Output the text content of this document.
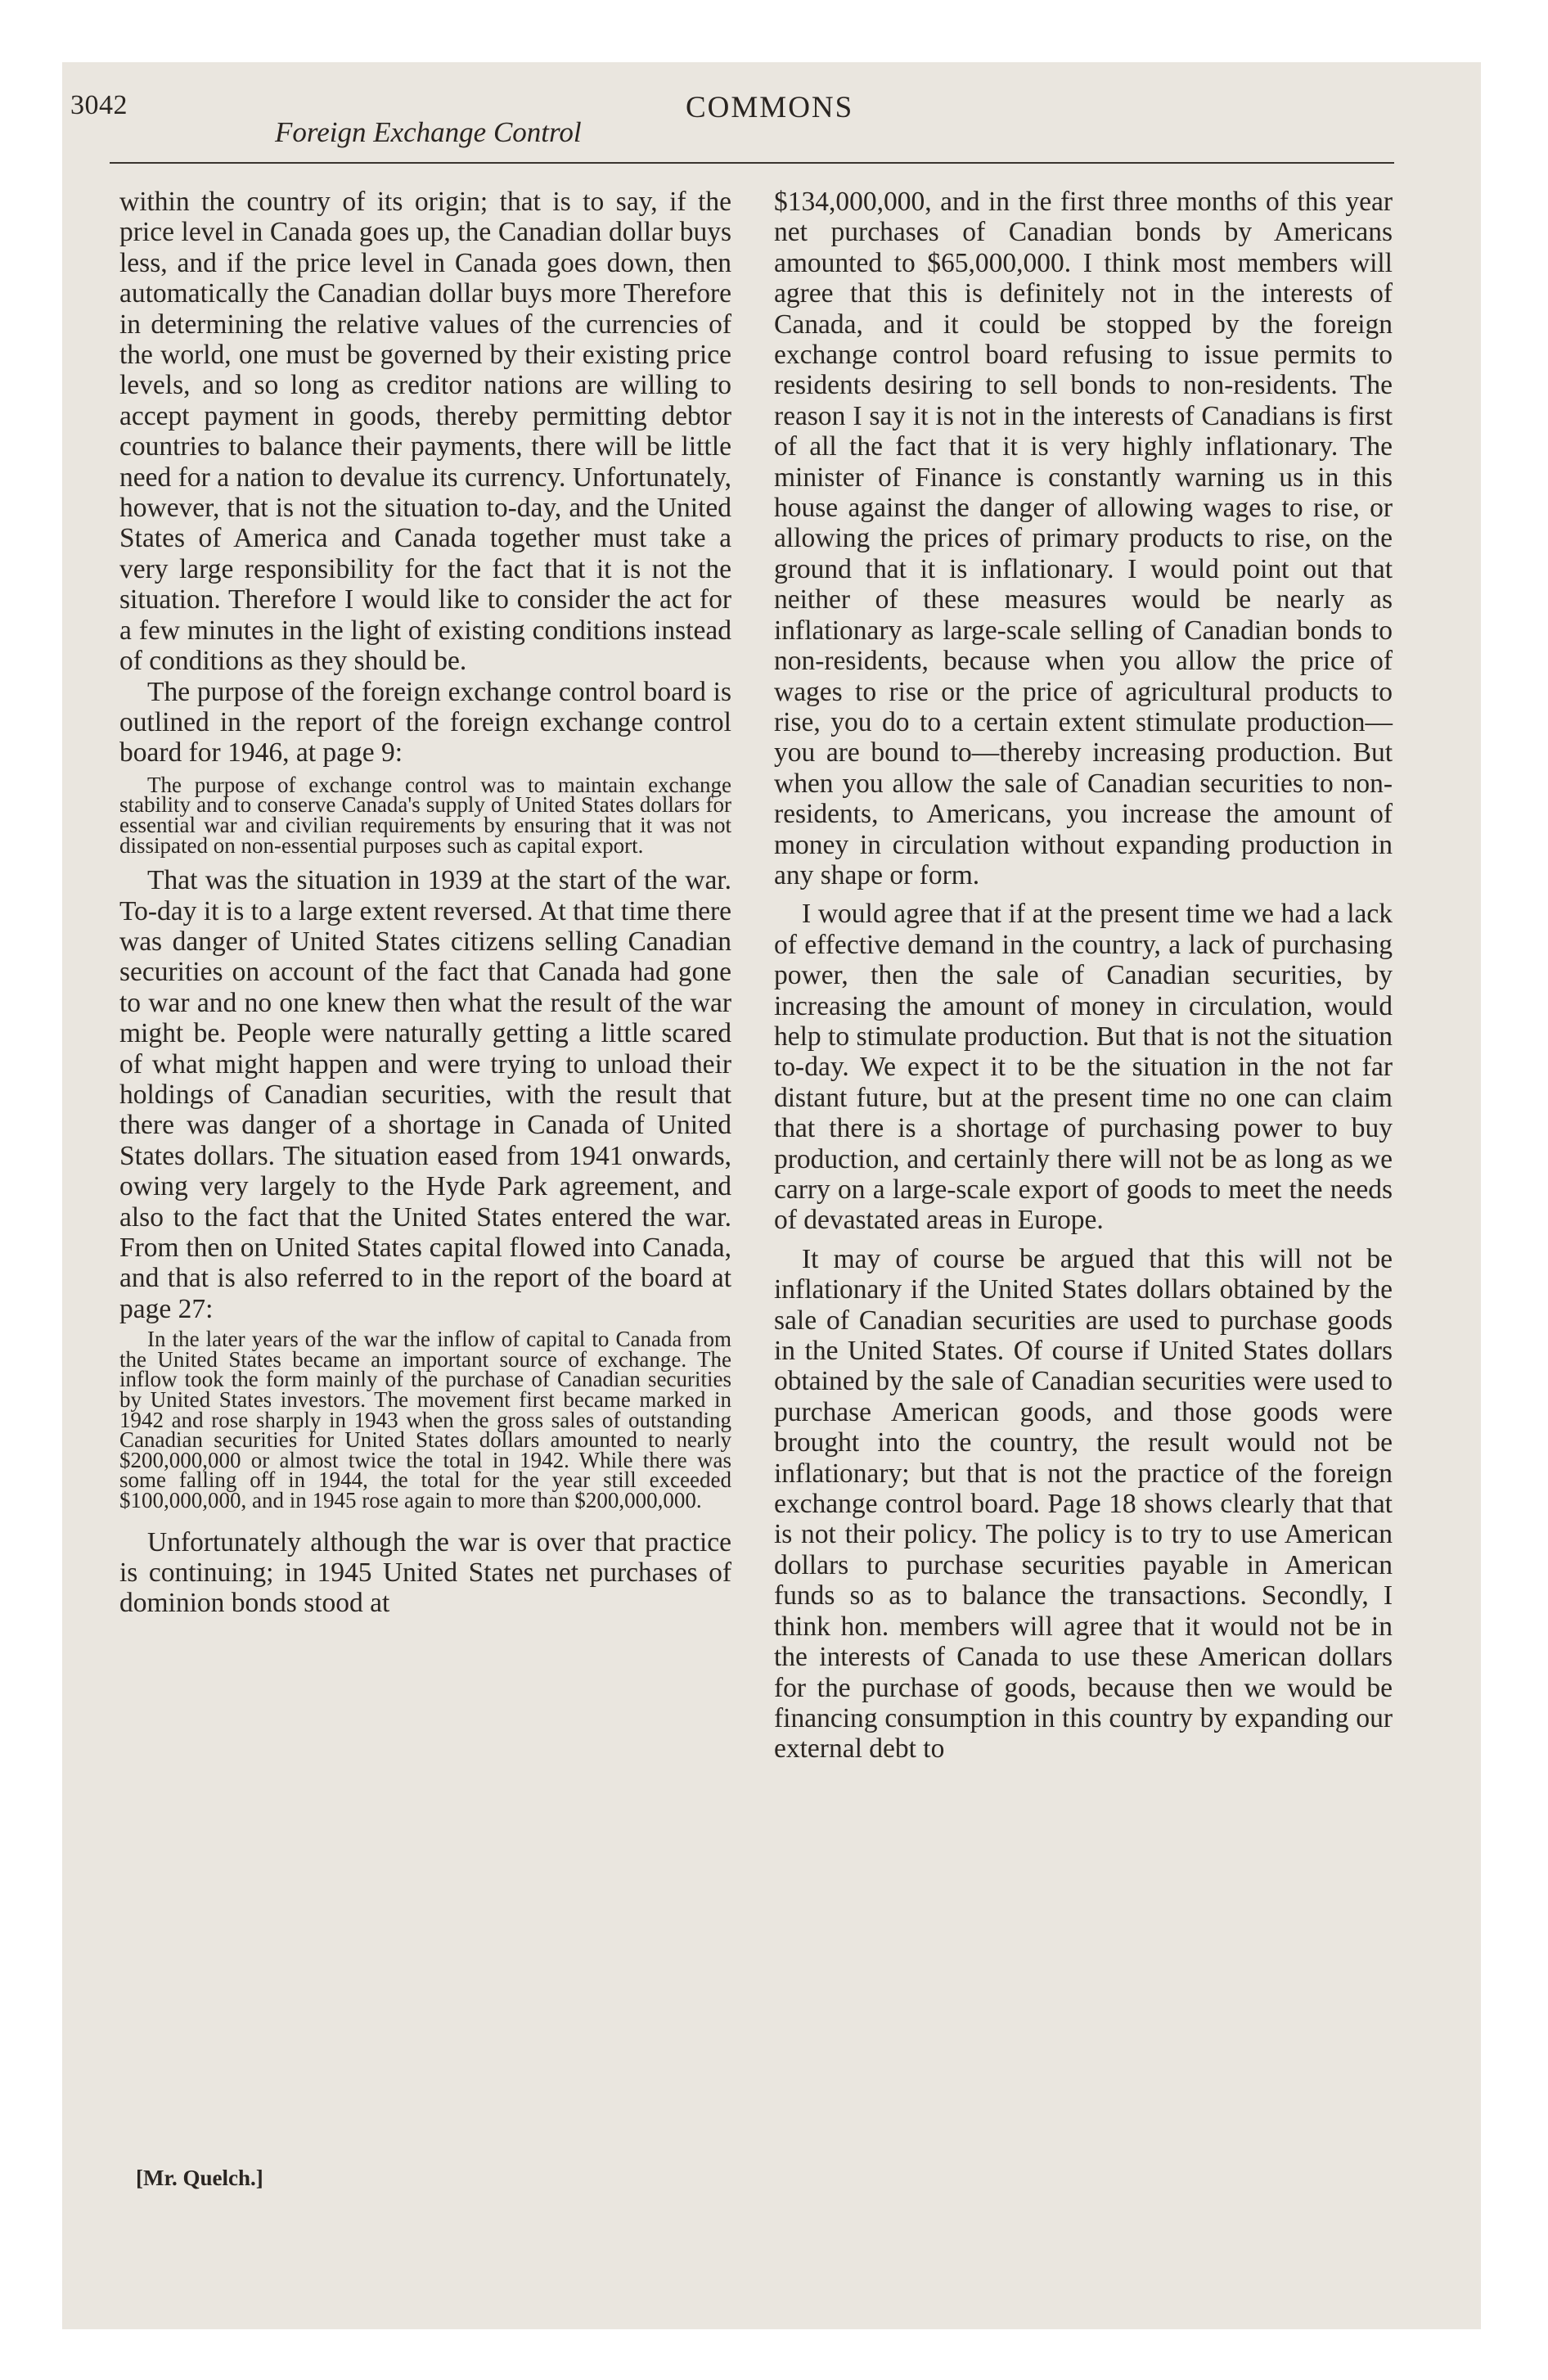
3042
Foreign Exchange Control
COMMONS

within the country of its origin; that is to say, if the price level in Canada goes up, the Canadian dollar buys less, and if the price level in Canada goes down, then automatically the Canadian dollar buys more Therefore in determining the relative values of the currencies of the world, one must be governed by their existing price levels, and so long as creditor nations are willing to accept payment in goods, thereby permitting debtor countries to balance their payments, there will be little need for a nation to devalue its currency. Unfortunately, however, that is not the situation to-day, and the United States of America and Canada together must take a very large responsibility for the fact that it is not the situation. Therefore I would like to consider the act for a few minutes in the light of existing conditions instead of conditions as they should be.

The purpose of the foreign exchange control board is outlined in the report of the foreign exchange control board for 1946, at page 9:

The purpose of exchange control was to maintain exchange stability and to conserve Canada's supply of United States dollars for essential war and civilian requirements by ensuring that it was not dissipated on non-essential purposes such as capital export.

That was the situation in 1939 at the start of the war. To-day it is to a large extent reversed. At that time there was danger of United States citizens selling Canadian securities on account of the fact that Canada had gone to war and no one knew then what the result of the war might be. People were naturally getting a little scared of what might happen and were trying to unload their holdings of Canadian securities, with the result that there was danger of a shortage in Canada of United States dollars. The situation eased from 1941 onwards, owing very largely to the Hyde Park agreement, and also to the fact that the United States entered the war. From then on United States capital flowed into Canada, and that is also referred to in the report of the board at page 27:

In the later years of the war the inflow of capital to Canada from the United States became an important source of exchange. The inflow took the form mainly of the purchase of Canadian securities by United States investors. The movement first became marked in 1942 and rose sharply in 1943 when the gross sales of outstanding Canadian securities for United States dollars amounted to nearly $200,000,000 or almost twice the total in 1942. While there was some falling off in 1944, the total for the year still exceeded $100,000,000, and in 1945 rose again to more than $200,000,000.

Unfortunately although the war is over that practice is continuing; in 1945 United States net purchases of dominion bonds stood at

$134,000,000, and in the first three months of this year net purchases of Canadian bonds by Americans amounted to $65,000,000. I think most members will agree that this is definitely not in the interests of Canada, and it could be stopped by the foreign exchange control board refusing to issue permits to residents desiring to sell bonds to non-residents. The reason I say it is not in the interests of Canadians is first of all the fact that it is very highly inflationary. The minister of Finance is constantly warning us in this house against the danger of allowing wages to rise, or allowing the prices of primary products to rise, on the ground that it is inflationary. I would point out that neither of these measures would be nearly as inflationary as large-scale selling of Canadian bonds to non-residents, because when you allow the price of wages to rise or the price of agricultural products to rise, you do to a certain extent stimulate production—you are bound to—thereby increasing production. But when you allow the sale of Canadian securities to non-residents, to Americans, you increase the amount of money in circulation without expanding production in any shape or form.

I would agree that if at the present time we had a lack of effective demand in the country, a lack of purchasing power, then the sale of Canadian securities, by increasing the amount of money in circulation, would help to stimulate production. But that is not the situation to-day. We expect it to be the situation in the not far distant future, but at the present time no one can claim that there is a shortage of purchasing power to buy production, and certainly there will not be as long as we carry on a large-scale export of goods to meet the needs of devastated areas in Europe.

It may of course be argued that this will not be inflationary if the United States dollars obtained by the sale of Canadian securities are used to purchase goods in the United States. Of course if United States dollars obtained by the sale of Canadian securities were used to purchase American goods, and those goods were brought into the country, the result would not be inflationary; but that is not the practice of the foreign exchange control board. Page 18 shows clearly that that is not their policy. The policy is to try to use American dollars to purchase securities payable in American funds so as to balance the transactions. Secondly, I think hon. members will agree that it would not be in the interests of Canada to use these American dollars for the purchase of goods, because then we would be financing consumption in this country by expanding our external debt to

[Mr. Quelch.]
